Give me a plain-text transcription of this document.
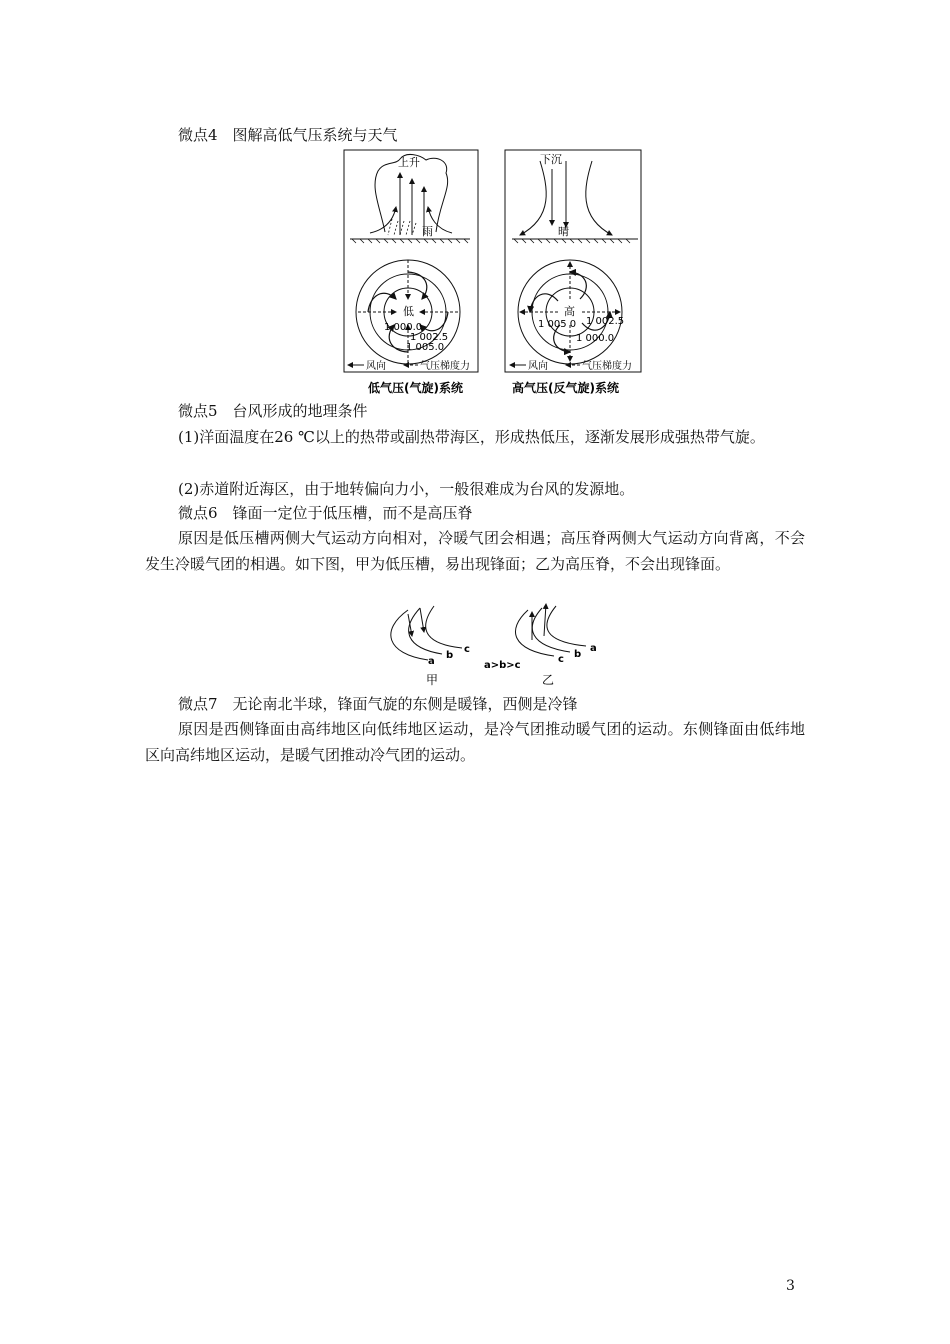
微点4　图解高低气压系统与天气
上升
雨
低
1 000.0
1 002.5
1 005.0
风向	气压梯度力
低气压(气旋)系统
下沉
晴
高
1 005 0 1 002.5
1 000.0
风向	气压梯度力
高气压(反气旋)系统
微点5　台风形成的地理条件
(1)洋面温度在26 ℃以上的热带或副热带海区，形成热低压，逐渐发展形成强热带气旋。
(2)赤道附近海区，由于地转偏向力小，一般很难成为台风的发源地。
微点6　锋面一定位于低压槽，而不是高压脊
原因是低压槽两侧大气运动方向相对，冷暖气团会相遇；高压脊两侧大气运动方向背离，不会发生冷暖气团的相遇。如下图，甲为低压槽，易出现锋面；乙为高压脊，不会出现锋面。
a
b
c
甲
a>b>c
c b
a
乙
微点7　无论南北半球，锋面气旋的东侧是暖锋，西侧是冷锋
原因是西侧锋面由高纬地区向低纬地区运动，是冷气团推动暖气团的运动。东侧锋面由低纬地区向高纬地区运动，是暖气团推动冷气团的运动。
3
